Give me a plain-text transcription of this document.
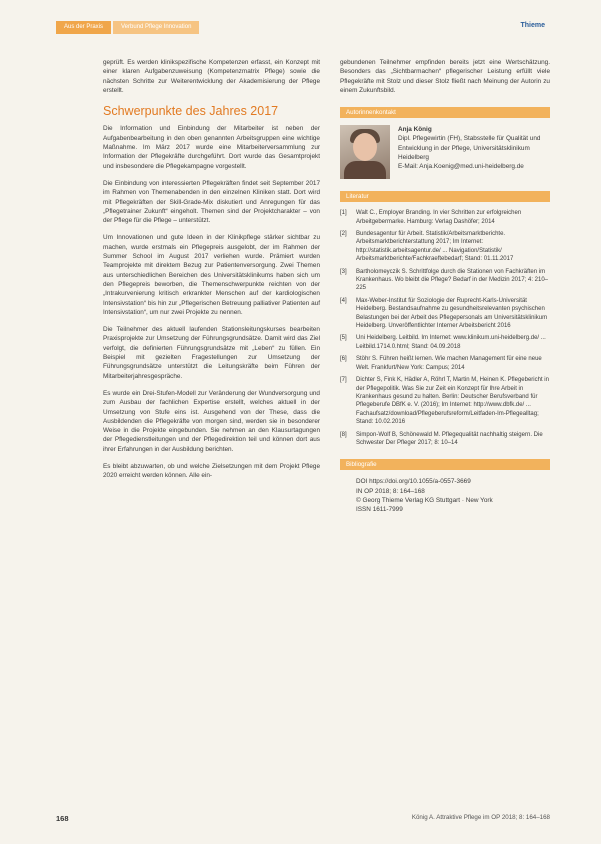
Aus der Praxis	Verbund Pflege Innovation	Thieme

geprüft. Es werden klinikspezifische Kompetenzen erfasst, ein Konzept mit einer klaren Aufgabenzuweisung (Kompetenzmatrix Pflege) sowie die nächsten Schritte zur Weiterentwicklung der Akademisierung der Pflege erstellt.

Schwerpunkte des Jahres 2017

Die Information und Einbindung der Mitarbeiter ist neben der Aufgabenbearbeitung in den oben genannten Arbeitsgruppen eine wichtige Maßnahme. Im März 2017 wurde eine Mitarbeiterversammlung zur Information der Pflegekräfte durchgeführt. Dort wurde das Gesamtprojekt und insbesondere die Pflegekampagne vorgestellt.

Die Einbindung von interessierten Pflegekräften findet seit September 2017 im Rahmen von Themenabenden in den einzelnen Kliniken statt. Dort wird mit Pflegekräften der Skill-Grade-Mix diskutiert und Anregungen für das „Pflegetrainer Zukunft“ eingeholt. Themen sind der Projektcharakter – von der Pflege für die Pflege – unterstützt.

Um Innovationen und gute Ideen in der Klinikpflege stärker sichtbar zu machen, wurde erstmals ein Pflegepreis ausgelobt, der im Rahmen der Summer School im August 2017 verliehen wurde. Prämiert wurden Teamprojekte mit direktem Bezug zur Patientenversorgung. Zwei Themen aus unterschiedlichen Bereichen des Universitätsklinikums haben sich um den Pflegepreis beworben, die Themenschwerpunkte reichten von der „Intrakurvenierung kritisch erkrankter Menschen auf der kardiologischen Intensivstation“ bis hin zur „Pflegerischen Betreuung palliativer Patienten auf Intensivstation“, um nur zwei Projekte zu nennen.

Die Teilnehmer des aktuell laufenden Stationsleitungskurses bearbeiten Praxisprojekte zur Umsetzung der Führungsgrundsätze. Damit wird das Ziel verfolgt, die definierten Führungsgrundsätze mit „Leben“ zu füllen. Ein Beispiel mit gezielten Fragestellungen zur Umsetzung der Führungsgrundsätze unterstützt die Leitungskräfte beim Führen der Mitarbeiterjahresgespräche.

Es wurde ein Drei-Stufen-Modell zur Veränderung der Wundversorgung und zum Ausbau der fachlichen Expertise erstellt, welches aktuell in der Umsetzung von Stufe eins ist. Ausgehend von der These, dass die Ausbildenden die Pflegekräfte von morgen sind, werden sie in besonderer Weise in die Projekte eingebunden. Sie nehmen an den Klausurtagungen der Pflegedienstleitungen und der Pflegedirektion teil und können dort aus ihrer Erfahrungen in der Ausbildung berichten.

Es bleibt abzuwarten, ob und welche Zielsetzungen mit dem Projekt Pflege 2020 erreicht werden können. Alle ein-

gebundenen Teilnehmer empfinden bereits jetzt eine Wertschätzung. Besonders das „Sichtbarmachen“ pflegerischer Leistung erfüllt viele Pflegekräfte mit Stolz und dieser Stolz fließt nach Meinung der Autorin zu einem Zukunftsbild.

Autorinnenkontakt
Anja König
Dipl. Pflegewirtin (FH), Stabsstelle für Qualität und Entwicklung in der Pflege, Universitätsklinikum Heidelberg
E-Mail: Anja.Koenig@med.uni-heidelberg.de
Literatur
[1]	Walt C., Employer Branding. In vier Schritten zur erfolgreichen Arbeitgebermarke. Hamburg: Verlag Dashöfer; 2014
[2]	Bundesagentur für Arbeit. Statistik/Arbeitsmarktberichte. Arbeitsmarktberichterstattung 2017; Im Internet: http://statistik.arbeitsagentur.de/ ... Navigation/Statistik/ Arbeitsmarktberichte/Fachkraeftebedarf; Stand: 01.11.2017
[3]	Bartholomeyczik S. Schrittfolge durch die Stationen von Fachkräften im Krankenhaus. Wo bleibt die Pflege? Bedarf in der Medizin 2017; 4: 210–225
[4]	Max-Weber-Institut für Soziologie der Ruprecht-Karls-Universität Heidelberg. Bestandsaufnahme zu gesundheitsrelevanten psychischen Belastungen bei der Arbeit des Pflegepersonals am Universitätsklinikum Heidelberg. Unveröffentlichter Interner Arbeitsbericht 2016
[5]	Uni Heidelberg. Leitbild. Im Internet: www.klinikum.uni-heidelberg.de/ ... Leitbild.1714.0.html; Stand: 04.09.2018
[6]	Stöhr S. Führen heißt lernen. Wie machen Management für eine neue Welt. Frankfurt/New York: Campus; 2014
[7]	Dichter S, Fink K, Hädler A, Röhrl T, Martin M, Heinen K. Pflegebericht in der Pflegepolitik. Was Sie zur Zeit ein Konzept für Ihre Arbeit in Krankenhaus gesund zu halten. Berlin: Deutscher Berufsverband für Pflegeberufe DBfK e. V. (2016); Im Internet: http://www.dbfk.de/ ... Fachaufsatz/download/Pflegeberufsreform/Leitfaden-Im-Pflegealltag; Stand: 10.02.2016
[8]	Simpon-Wolf B, Schönewald M. Pflegequalität nachhaltig steigern. Die Schwester Der Pfleger 2017; 8: 10–14
Bibliografie
DOI https://doi.org/10.1055/a-0557-3669
IN OP 2018; 8: 164–168
© Georg Thieme Verlag KG Stuttgart · New York
ISSN 1611-7999
168	König A. Attraktive Pflege im OP 2018; 8: 164–168
